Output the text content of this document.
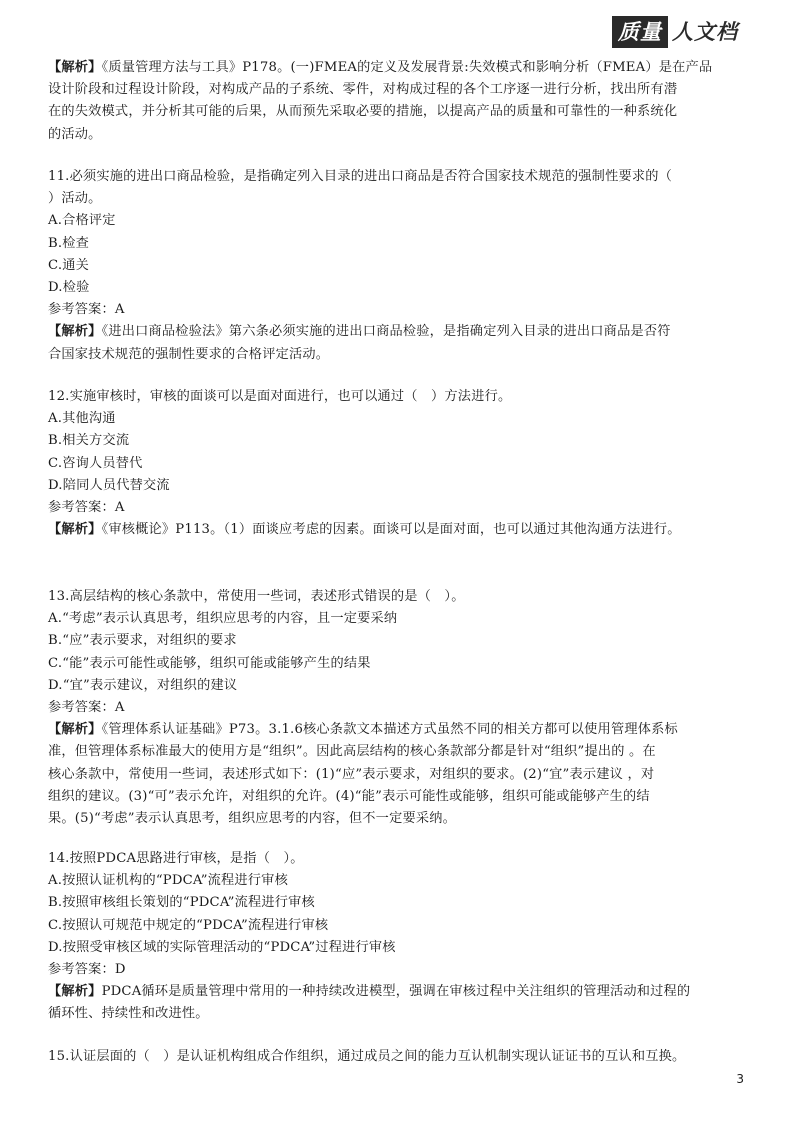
质量 人文档
【解析】《质量管理方法与工具》P178。(一)FMEA的定义及发展背景:失效模式和影响分析（FMEA）是在产品
设计阶段和过程设计阶段，对构成产品的子系统、零件，对构成过程的各个工序逐一进行分析，找出所有潜
在的失效模式，并分析其可能的后果，从而预先采取必要的措施，以提高产品的质量和可靠性的一种系统化
的活动。
11.必须实施的进出口商品检验，是指确定列入目录的进出口商品是否符合国家技术规范的强制性要求的（
）活动。
A.合格评定
B.检查
C.通关
D.检验
参考答案：A
【解析】《进出口商品检验法》第六条必须实施的进出口商品检验，是指确定列入目录的进出口商品是否符
合国家技术规范的强制性要求的合格评定活动。
12.实施审核时，审核的面谈可以是面对面进行，也可以通过（　）方法进行。
A.其他沟通
B.相关方交流
C.咨询人员替代
D.陪同人员代替交流
参考答案：A
【解析】《审核概论》P113。（1）面谈应考虑的因素。面谈可以是面对面，也可以通过其他沟通方法进行。
13.高层结构的核心条款中，常使用一些词，表述形式错误的是（　）。
A.“考虑”表示认真思考，组织应思考的内容，且一定要采纳
B.“应”表示要求，对组织的要求
C.“能”表示可能性或能够，组织可能或能够产生的结果
D.“宜”表示建议，对组织的建议
参考答案：A
【解析】《管理体系认证基础》P73。3.1.6核心条款文本描述方式虽然不同的相关方都可以使用管理体系标
准，但管理体系标准最大的使用方是“组织”。因此高层结构的核心条款部分都是针对“组织”提出的 。在
核心条款中，常使用一些词，表述形式如下：(1)“应”表示要求，对组织的要求。(2)“宜”表示建议 ，对
组织的建议。(3)“可”表示允许，对组织的允许。(4)“能”表示可能性或能够，组织可能或能够产生的结
果。(5)“考虑”表示认真思考，组织应思考的内容，但不一定要采纳。
14.按照PDCA思路进行审核，是指（　）。
A.按照认证机构的“PDCA”流程进行审核
B.按照审核组长策划的“PDCA”流程进行审核
C.按照认可规范中规定的“PDCA”流程进行审核
D.按照受审核区域的实际管理活动的“PDCA”过程进行审核
参考答案：D
【解析】PDCA循环是质量管理中常用的一种持续改进模型，强调在审核过程中关注组织的管理活动和过程的
循环性、持续性和改进性。
15.认证层面的（　）是认证机构组成合作组织，通过成员之间的能力互认机制实现认证证书的互认和互换。
3
